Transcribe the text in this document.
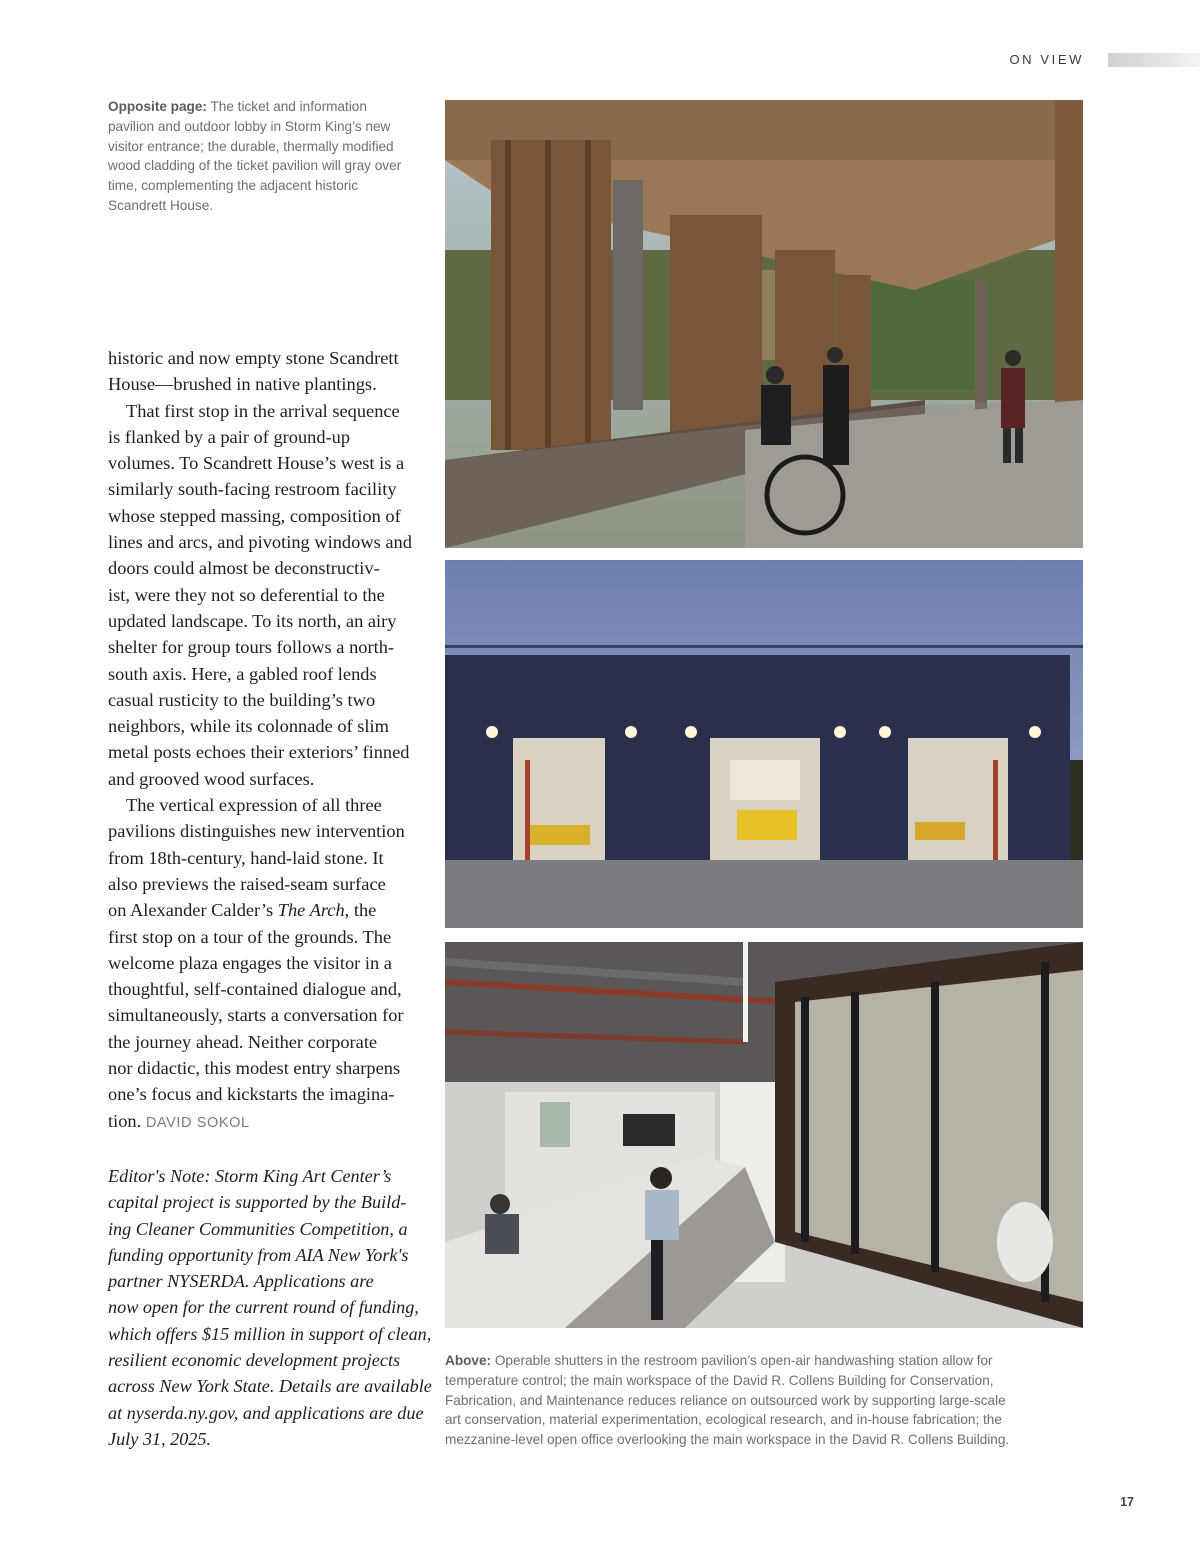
ON VIEW

Opposite page: The ticket and information pavilion and outdoor lobby in Storm King’s new visitor entrance; the durable, thermally modified wood cladding of the ticket pavilion will gray over time, complementing the adjacent historic Scandrett House.

historic and now empty stone Scandrett
House—brushed in native plantings.
That first stop in the arrival sequence
is flanked by a pair of ground-up
volumes. To Scandrett House’s west is a
similarly south-facing restroom facility
whose stepped massing, composition of
lines and arcs, and pivoting windows and
doors could almost be deconstructiv-
ist, were they not so deferential to the
updated landscape. To its north, an airy
shelter for group tours follows a north-
south axis. Here, a gabled roof lends
casual rusticity to the building’s two
neighbors, while its colonnade of slim
metal posts echoes their exteriors’ finned
and grooved wood surfaces.
The vertical expression of all three
pavilions distinguishes new intervention
from 18th-century, hand-laid stone. It
also previews the raised-seam surface
on Alexander Calder’s The Arch, the
first stop on a tour of the grounds. The
welcome plaza engages the visitor in a
thoughtful, self-contained dialogue and,
simultaneously, starts a conversation for
the journey ahead. Neither corporate
nor didactic, this modest entry sharpens
one’s focus and kickstarts the imagina-
tion. DAVID SOKOL
Editor's Note: Storm King Art Center’s
capital project is supported by the Build-
ing Cleaner Communities Competition, a
funding opportunity from AIA New York's
partner NYSERDA. Applications are
now open for the current round of funding,
which offers $15 million in support of clean,
resilient economic development projects
across New York State. Details are available
at nyserda.ny.gov, and applications are due
July 31, 2025.
Above: Operable shutters in the restroom pavilion’s open-air handwashing station allow for
temperature control; the main workspace of the David R. Collens Building for Conservation,
Fabrication, and Maintenance reduces reliance on outsourced work by supporting large-scale
art conservation, material experimentation, ecological research, and in-house fabrication; the
mezzanine-level open office overlooking the main workspace in the David R. Collens Building.
17
